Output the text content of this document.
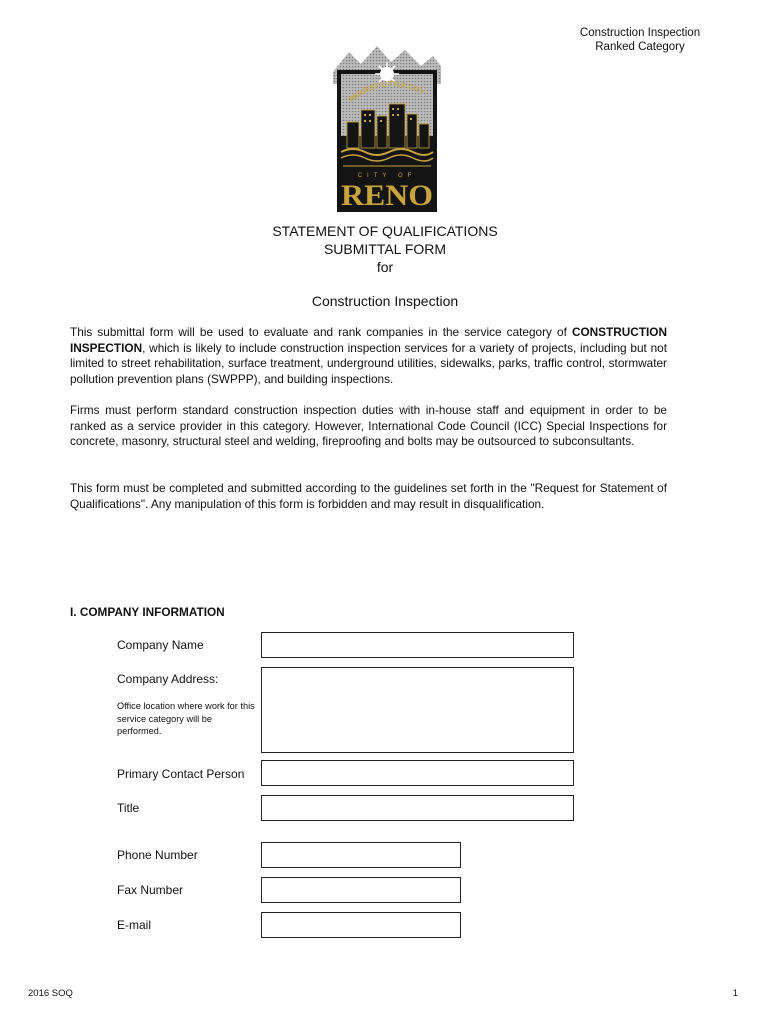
Construction Inspection
Ranked Category
BIGGEST LITTLE CITY
CITY OF
RENO
STATEMENT OF QUALIFICATIONS
SUBMITTAL FORM
for
Construction Inspection

This submittal form will be used to evaluate and rank companies in the service category of CONSTRUCTION INSPECTION, which is likely to include construction inspection services for a variety of projects, including but not limited to street rehabilitation, surface treatment, underground utilities, sidewalks, parks, traffic control, stormwater pollution prevention plans (SWPPP), and building inspections.

Firms must perform standard construction inspection duties with in-house staff and equipment in order to be ranked as a service provider in this category. However, International Code Council (ICC) Special Inspections for concrete, masonry, structural steel and welding, fireproofing and bolts may be outsourced to subconsultants.

This form must be completed and submitted according to the guidelines set forth in the "Request for Statement of Qualifications". Any manipulation of this form is forbidden and may result in disqualification.

I. COMPANY INFORMATION
Company Name
Company Address:
Office location where work for this service category will be performed.
Primary Contact Person
Title
Phone Number
Fax Number
E-mail
2016 SOQ	1
